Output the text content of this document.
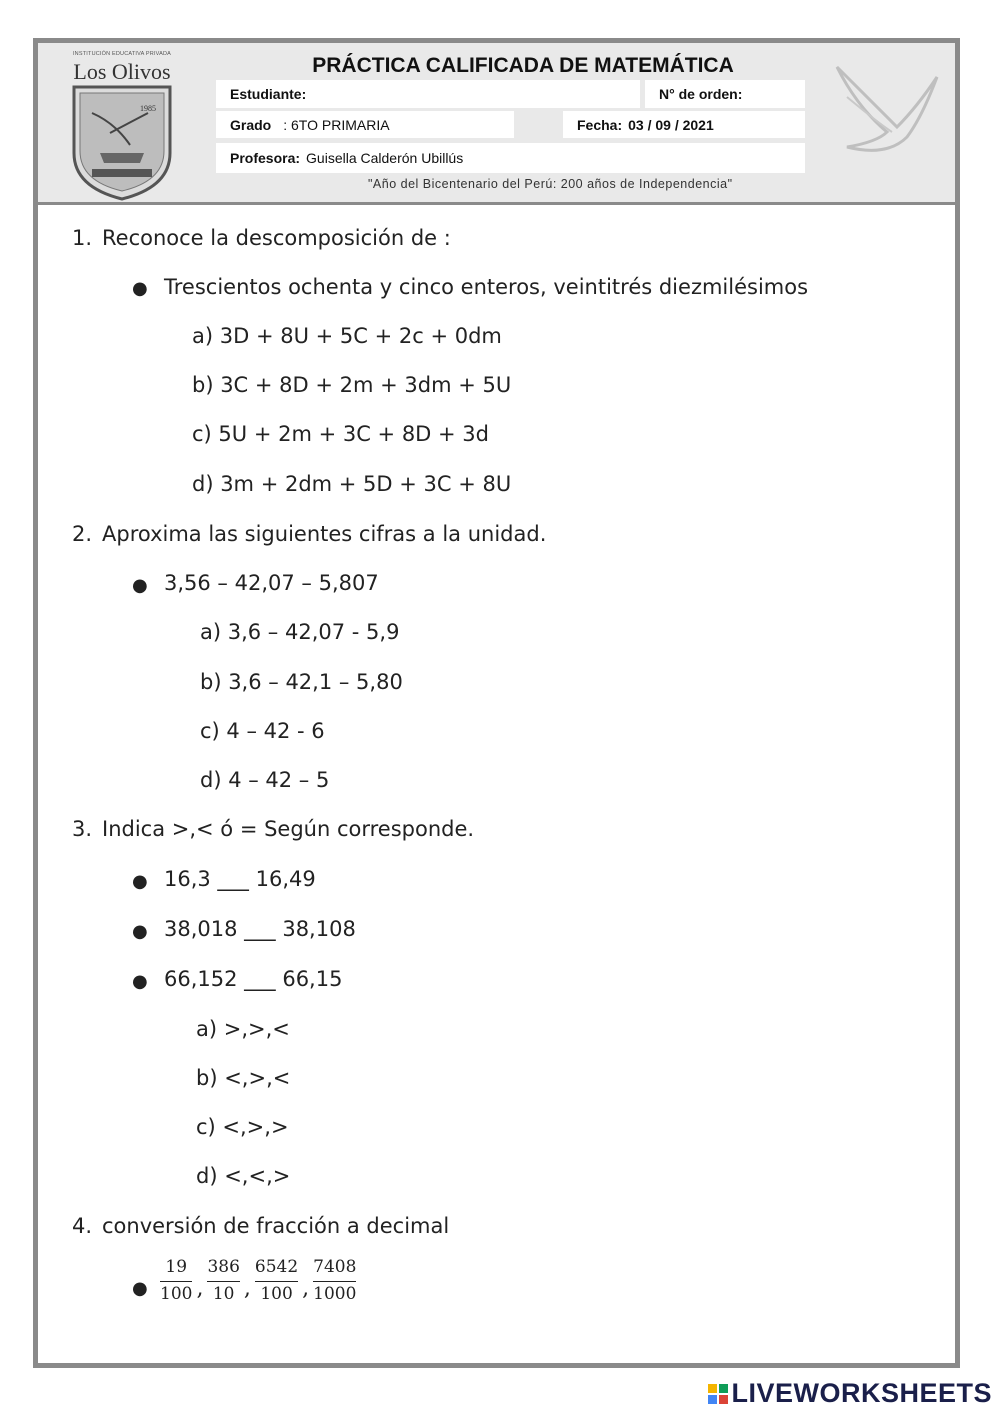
INSTITUCIÓN EDUCATIVA PRIVADA
Los Olivos
1985
PRÁCTICA CALIFICADA DE MATEMÁTICA
Estudiante:	N° de orden:
Grado : 6TO PRIMARIA	Fecha: 03 / 09 / 2021
Profesora: Guisella Calderón Ubillús
"Año del Bicentenario del Perú: 200 años de Independencia"
1. Reconoce la descomposición de :
● Trescientos ochenta y cinco enteros, veintitrés diezmilésimos
a) 3D + 8U + 5C + 2c + 0dm
b) 3C + 8D + 2m + 3dm + 5U
c) 5U + 2m + 3C + 8D + 3d
d) 3m + 2dm + 5D + 3C + 8U
2. Aproxima las siguientes cifras a la unidad.
● 3,56 – 42,07 – 5,807
a) 3,6 – 42,07 - 5,9
b) 3,6 – 42,1 – 5,80
c) 4 – 42 - 6
d) 4 – 42 – 5
3. Indica >,< ó = Según corresponde.
● 16,3 ___ 16,49
● 38,018 ___ 38,108
● 66,152 ___ 66,15
a) >,>,<
b) <,>,<
c) <,>,>
d) <,<,>
4. conversión de fracción a decimal
● $\frac{19}{100}$ , $\frac{386}{10}$ , $\frac{6542}{100}$ , $\frac{7408}{1000}$
LIVEWORKSHEETS
